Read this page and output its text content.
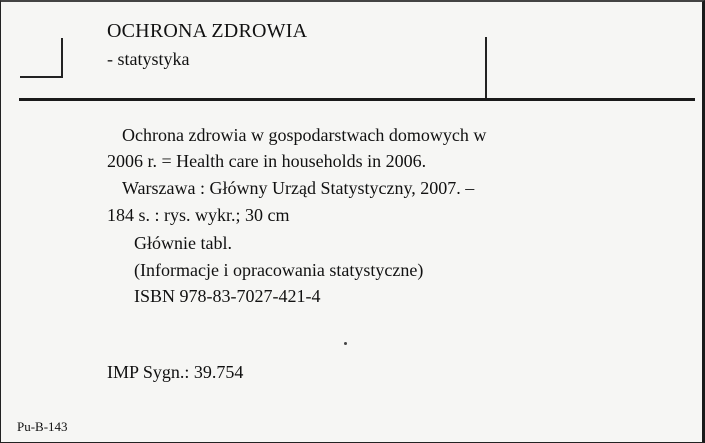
OCHRONA ZDROWIA
- statystyka
Ochrona zdrowia w gospodarstwach domowych w
2006 r. = Health care in households in 2006.
Warszawa : Główny Urząd Statystyczny, 2007. –
184 s. : rys. wykr.; 30 cm
Głównie tabl.
(Informacje i opracowania statystyczne)
ISBN 978-83-7027-421-4
IMP Sygn.: 39.754
Pu-B-143
